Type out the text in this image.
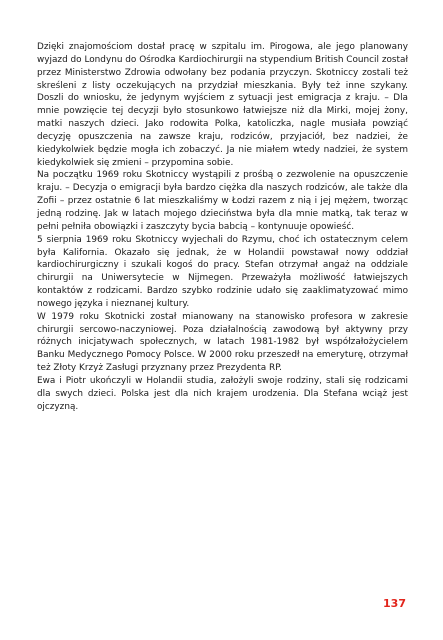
Dzięki znajomościom dostał pracę w szpitalu im. Pirogowa, ale jego planowany wyjazd do Londynu do Ośrodka Kardiochirurgii na stypendium British Council został przez Ministerstwo Zdrowia odwołany bez podania przyczyn. Skotniccy zostali też skreśleni z listy oczekujących na przydział mieszkania. Były też inne szykany. Doszli do wniosku, że jedynym wyjściem z sytuacji jest emigracja z kraju. – Dla mnie powzięcie tej decyzji było stosunkowo łatwiejsze niż dla Mirki, mojej żony, matki naszych dzieci. Jako rodowita Polka, katoliczka, nagle musiała powziąć decyzję opuszczenia na zawsze kraju, rodziców, przyjaciół, bez nadziei, że kiedykolwiek będzie mogła ich zobaczyć. Ja nie miałem wtedy nadziei, że system kiedykolwiek się zmieni – przypomina sobie.

Na początku 1969 roku Skotniccy wystąpili z prośbą o zezwolenie na opuszczenie kraju. – Decyzja o emigracji była bardzo ciężka dla naszych rodziców, ale także dla Zofii – przez ostatnie 6 lat mieszkaliśmy w Łodzi razem z nią i jej mężem, tworząc jedną rodzinę. Jak w latach mojego dzieciństwa była dla mnie matką, tak teraz w pełni pełniła obowiązki i zaszczyty bycia babcią – kontynuuje opowieść.

5 sierpnia 1969 roku Skotniccy wyjechali do Rzymu, choć ich ostatecznym celem była Kalifornia. Okazało się jednak, że w Holandii powstawał nowy oddział kardiochirurgiczny i szukali kogoś do pracy. Stefan otrzymał angaż na oddziale chirurgii na Uniwersytecie w Nijmegen. Przeważyła możliwość łatwiejszych kontaktów z rodzicami. Bardzo szybko rodzinie udało się zaaklimatyzować mimo nowego języka i nieznanej kultury.

W 1979 roku Skotnicki został mianowany na stanowisko profesora w zakresie chirurgii sercowo-naczyniowej. Poza działalnością zawodową był aktywny przy różnych inicjatywach społecznych, w latach 1981-1982 był współzałożycielem Banku Medycznego Pomocy Polsce. W 2000 roku przeszedł na emeryturę, otrzymał też Złoty Krzyż Zasługi przyznany przez Prezydenta RP.

Ewa i Piotr ukończyli w Holandii studia, założyli swoje rodziny, stali się rodzicami dla swych dzieci. Polska jest dla nich krajem urodzenia. Dla Stefana wciąż jest ojczyzną.

137
